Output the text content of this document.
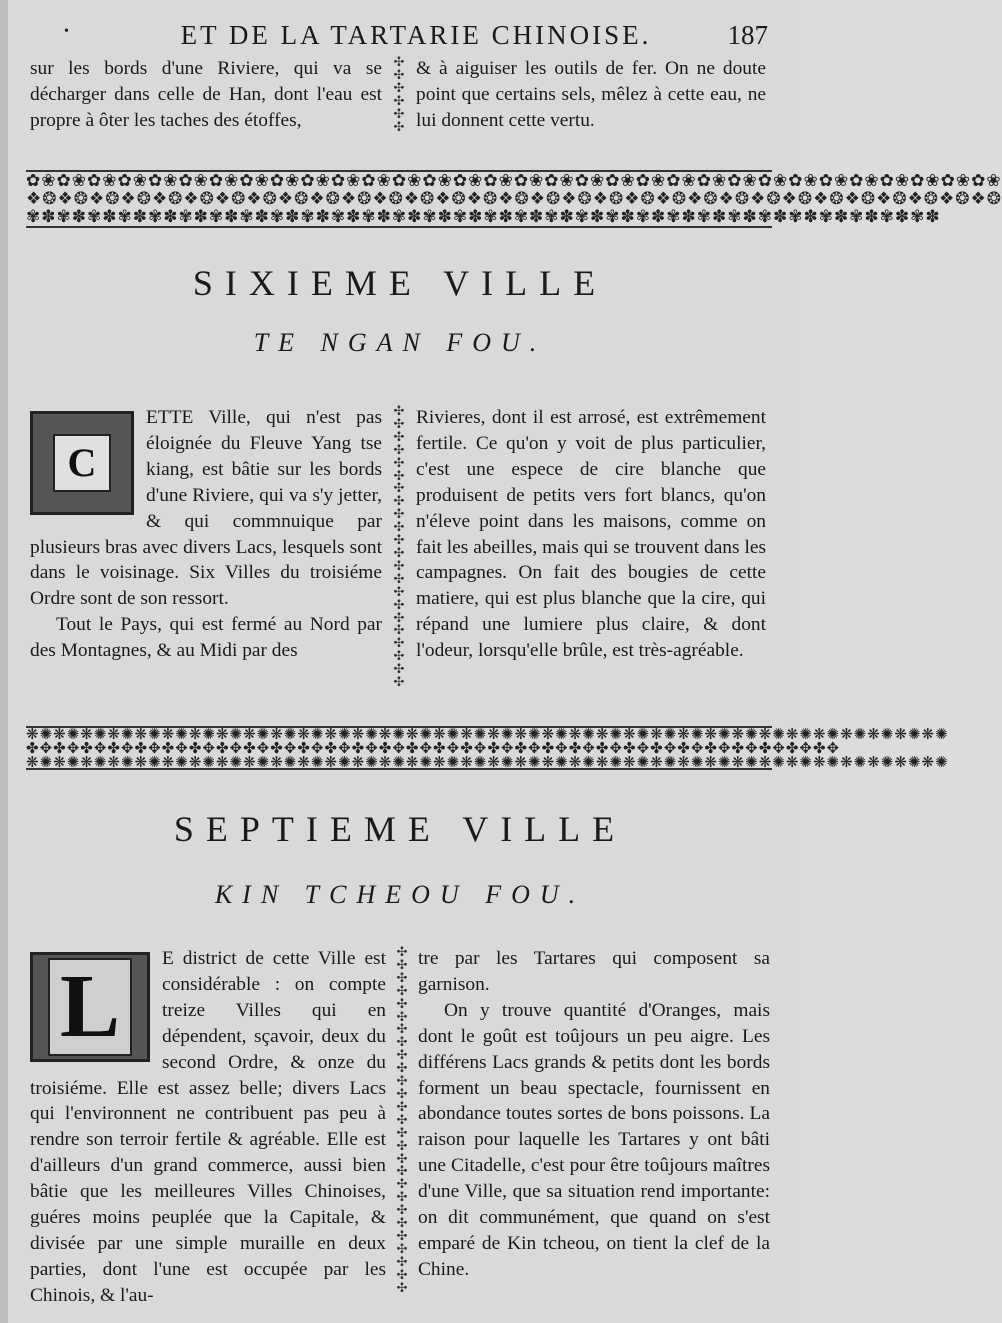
•	ET DE LA TARTARIE CHINOISE.	187
sur les bords d'une Riviere, qui va se décharger dans celle de Han, dont l'eau est propre à ôter les taches des étoffes,
✣
✣
✣
✣
✣
✣
& à aiguiser les outils de fer. On ne doute point que certains sels, mêlez à cette eau, ne lui donnent cette vertu.
✿❀✿❀✿❀✿❀✿❀✿❀✿❀✿❀✿❀✿❀✿❀✿❀✿❀✿❀✿❀✿❀✿❀✿❀✿❀✿❀✿❀✿❀✿❀✿❀✿❀✿❀✿❀✿❀✿❀✿❀✿❀✿❀
❖❂❖❂❖❂❖❂❖❂❖❂❖❂❖❂❖❂❖❂❖❂❖❂❖❂❖❂❖❂❖❂❖❂❖❂❖❂❖❂❖❂❖❂❖❂❖❂❖❂❖❂❖❂❖❂❖❂❖❂❖❂
✾✽✾✽✾✽✾✽✾✽✾✽✾✽✾✽✾✽✾✽✾✽✾✽✾✽✾✽✾✽✾✽✾✽✾✽✾✽✾✽✾✽✾✽✾✽✾✽✾✽✾✽✾✽✾✽✾✽✾✽
SIXIEME VILLE
TE NGAN FOU.
C
ETTE Ville, qui n'est pas éloignée du Fleuve Yang tse kiang, est bâtie sur les bords d'une Riviere, qui va s'y jetter, & qui commnuique par plusieurs bras avec divers Lacs, lesquels sont dans le voisinage. Six Villes du troisiéme Ordre sont de son ressort.
Tout le Pays, qui est fermé au Nord par des Montagnes, & au Midi par des
✣
✣
✣
✣
✣
✣
✣
✣
✣
✣
✣
✣
✣
✣
✣
✣
✣
✣
✣
✣
✣
✣
Rivieres, dont il est arrosé, est extrêmement fertile. Ce qu'on y voit de plus particulier, c'est une espece de cire blanche que produisent de petits vers fort blancs, qu'on n'éleve point dans les maisons, comme on fait les abeilles, mais qui se trouvent dans les campagnes. On fait des bougies de cette matiere, qui est plus blanche que la cire, qui répand une lumiere plus claire, & dont l'odeur, lorsqu'elle brûle, est très-agréable.
❋✺❋✺❋✺❋✺❋✺❋✺❋✺❋✺❋✺❋✺❋✺❋✺❋✺❋✺❋✺❋✺❋✺❋✺❋✺❋✺❋✺❋✺❋✺❋✺❋✺❋✺❋✺❋✺❋✺❋✺❋✺❋✺❋✺❋✺
✤✥✤✥✤✥✤✥✤✥✤✥✤✥✤✥✤✥✤✥✤✥✤✥✤✥✤✥✤✥✤✥✤✥✤✥✤✥✤✥✤✥✤✥✤✥✤✥✤✥✤✥✤✥✤✥✤✥✤✥
❋✺❋✺❋✺❋✺❋✺❋✺❋✺❋✺❋✺❋✺❋✺❋✺❋✺❋✺❋✺❋✺❋✺❋✺❋✺❋✺❋✺❋✺❋✺❋✺❋✺❋✺❋✺❋✺❋✺❋✺❋✺❋✺❋✺❋✺
SEPTIEME VILLE
KIN TCHEOU FOU.
L	E district de cette Ville est considérable : on compte treize Villes qui en dépendent, sçavoir, deux du second Ordre, & onze du troisiéme. Elle est assez belle; divers Lacs qui l'environnent ne contribuent pas peu à rendre son terroir fertile & agréable. Elle est d'ailleurs d'un grand commerce, aussi bien bâtie que les meilleures Villes Chinoises, guéres moins peuplée que la Capitale, & divisée par une simple muraille en deux parties, dont l'une est occupée par les Chinois, & l'au-
✣
✣
✣
✣
✣
✣
✣
✣
✣
✣
✣
✣
✣
✣
✣
✣
✣
✣
✣
✣
✣
✣
✣
✣
✣
✣
✣
tre par les Tartares qui composent sa garnison.
On y trouve quantité d'Oranges, mais dont le goût est toûjours un peu aigre. Les différens Lacs grands & petits dont les bords forment un beau spectacle, fournissent en abondance toutes sortes de bons poissons. La raison pour laquelle les Tartares y ont bâti une Citadelle, c'est pour être toûjours maîtres d'une Ville, que sa situation rend importante: on dit communément, que quand on s'est emparé de Kin tcheou, on tient la clef de la Chine.
